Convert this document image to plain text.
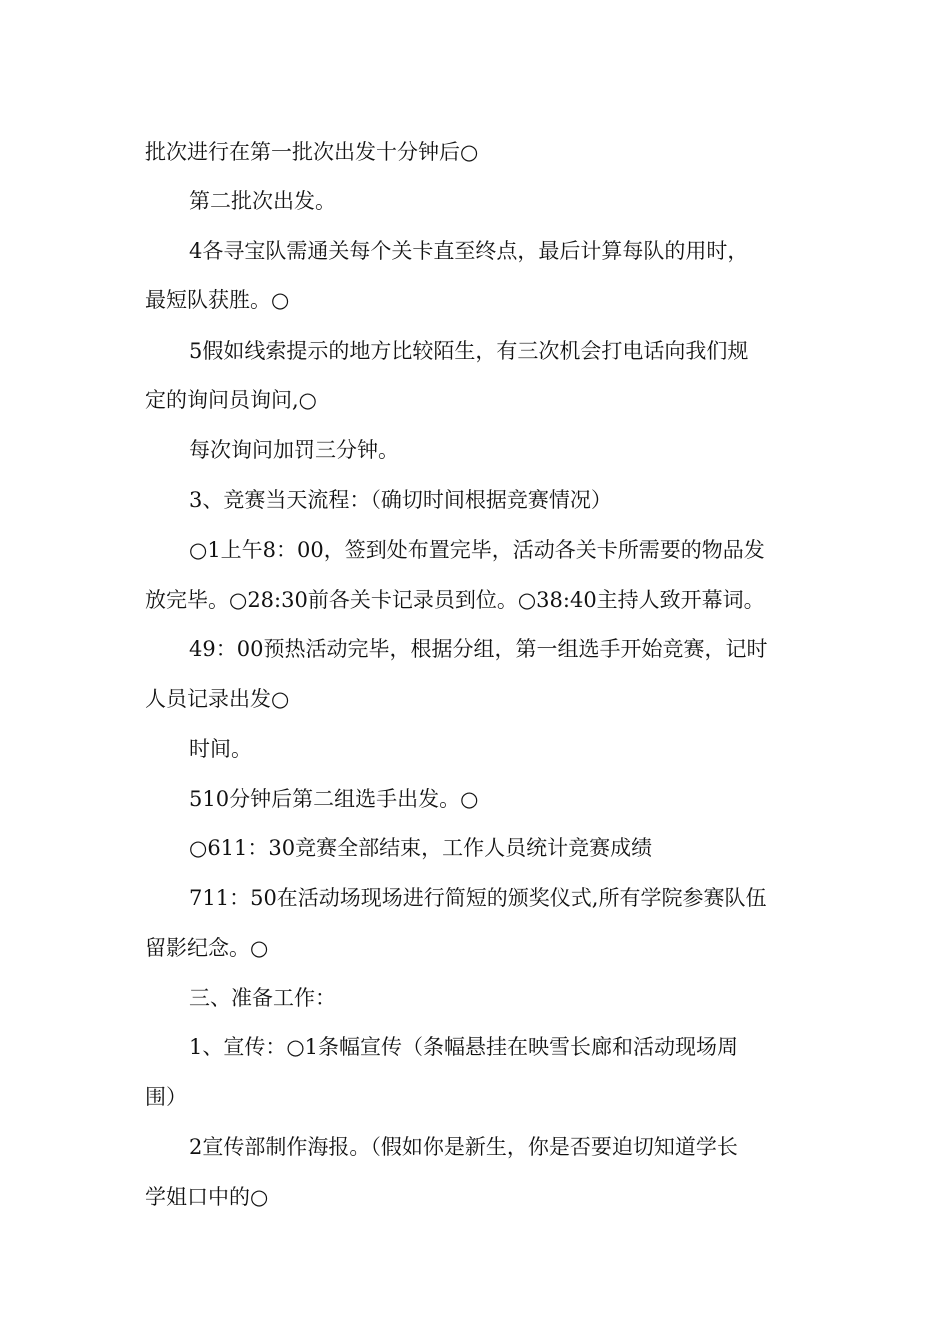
批次进行在第一批次出发十分钟后○
第二批次出发。
4各寻宝队需通关每个关卡直至终点，最后计算每队的用时，
最短队获胜。○
5假如线索提示的地方比较陌生，有三次机会打电话向我们规
定的询问员询问,○
每次询问加罚三分钟。
3、竞赛当天流程：（确切时间根据竞赛情况）
○1上午8：00，签到处布置完毕，活动各关卡所需要的物品发
放完毕。○28:30前各关卡记录员到位。○38:40主持人致开幕词。
49：00预热活动完毕，根据分组，第一组选手开始竞赛，记时
人员记录出发○
时间。
510分钟后第二组选手出发。○
○611：30竞赛全部结束，工作人员统计竞赛成绩
711：50在活动场现场进行简短的颁奖仪式,所有学院参赛队伍
留影纪念。○
三、准备工作：
1、宣传：○1条幅宣传（条幅悬挂在映雪长廊和活动现场周
围）
2宣传部制作海报。（假如你是新生，你是否要迫切知道学长
学姐口中的○
